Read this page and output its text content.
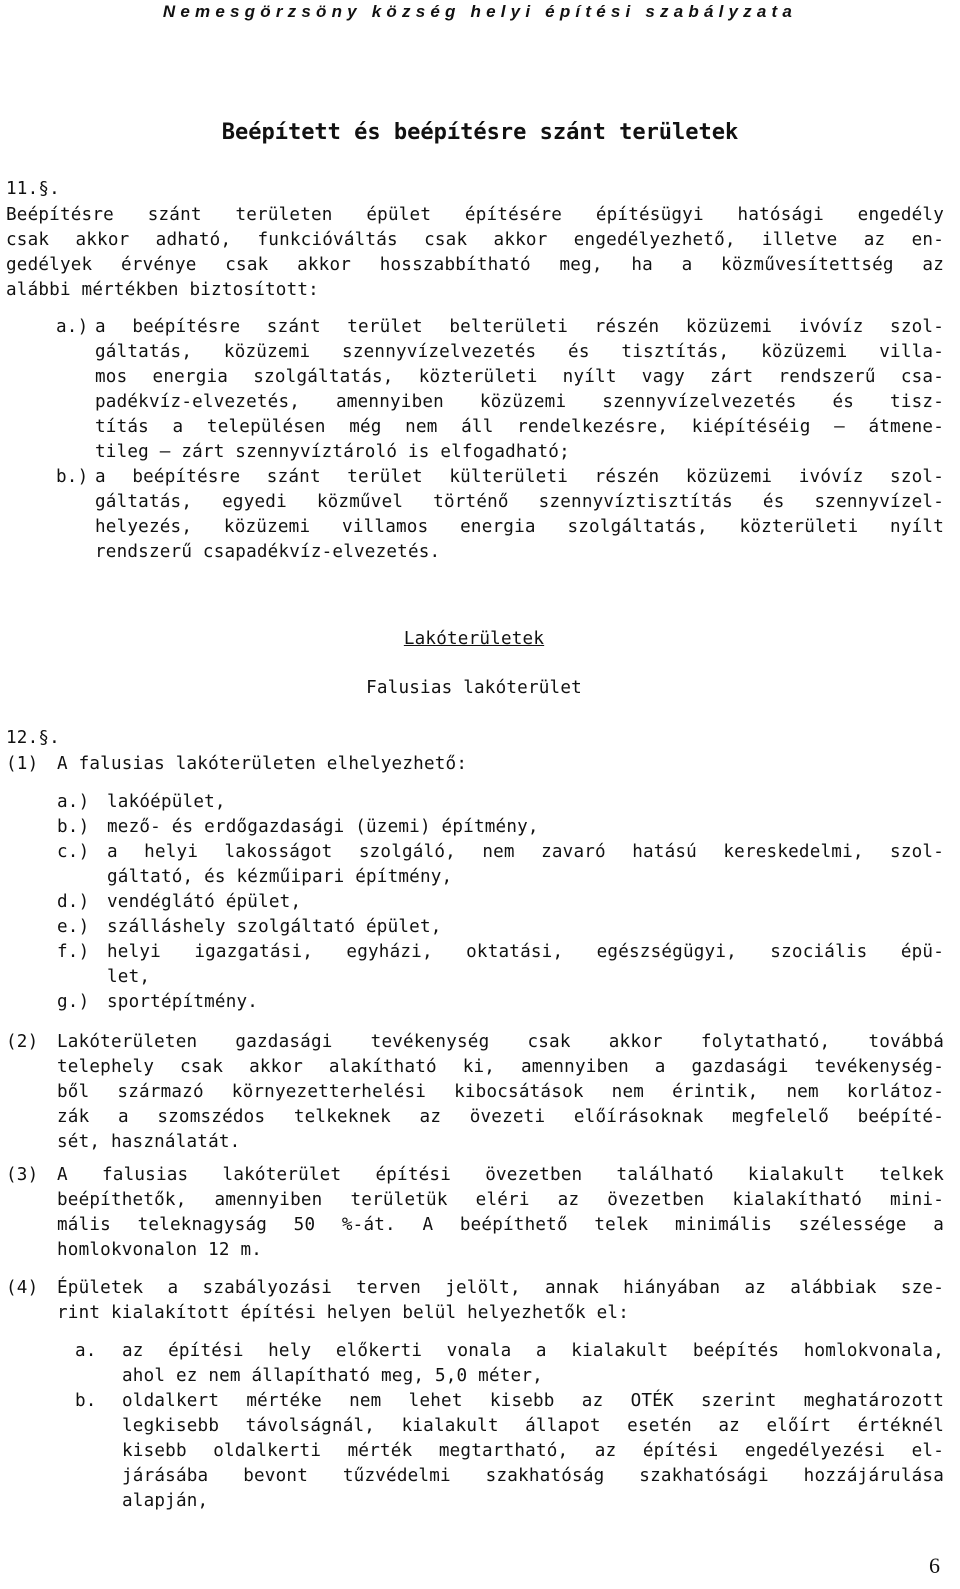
Nemesgörzsöny község helyi építési szabályzata
Beépített és beépítésre szánt területek
11.§.
Beépítésre szánt területen épület építésére építésügyi hatósági engedély
csak akkor adható, funkcióváltás csak akkor engedélyezhető, illetve az en-
gedélyek érvénye csak akkor hosszabbítható meg, ha a közművesítettség az
alábbi mértékben biztosított:
a.) a beépítésre szánt terület belterületi részén közüzemi ivóvíz szol-
gáltatás, közüzemi szennyvízelvezetés és tisztítás, közüzemi villa-
mos energia szolgáltatás, közterületi nyílt vagy zárt rendszerű csa-
padékvíz-elvezetés, amennyiben közüzemi szennyvízelvezetés és tisz-
títás a településen még nem áll rendelkezésre, kiépítéséig – átmene-
tileg – zárt szennyvíztároló is elfogadható;
b.) a beépítésre szánt terület külterületi részén közüzemi ivóvíz szol-
gáltatás, egyedi közművel történő szennyvíztisztítás és szennyvízel-
helyezés, közüzemi villamos energia szolgáltatás, közterületi nyílt
rendszerű csapadékvíz-elvezetés.
Lakóterületek
Falusias lakóterület
12.§.
(1) A falusias lakóterületen elhelyezhető:
a.) lakóépület,
b.) mező- és erdőgazdasági (üzemi) építmény,
c.) a helyi lakosságot szolgáló, nem zavaró hatású kereskedelmi, szol-
gáltató, és kézműipari építmény,
d.) vendéglátó épület,
e.) szálláshely szolgáltató épület,
f.) helyi igazgatási, egyházi, oktatási, egészségügyi, szociális épü-
let,
g.) sportépítmény.
(2) Lakóterületen gazdasági tevékenység csak akkor folytatható, továbbá
telephely csak akkor alakítható ki, amennyiben a gazdasági tevékenység-
ből származó környezetterhelési kibocsátások nem érintik, nem korlátoz-
zák a szomszédos telkeknek az övezeti előírásoknak megfelelő beépíté-
sét, használatát.
(3) A falusias lakóterület építési övezetben található kialakult telkek
beépíthetők, amennyiben területük eléri az övezetben kialakítható mini-
mális teleknagyság 50 %-át. A beépíthető telek minimális szélessége a
homlokvonalon 12 m.
(4) Épületek a szabályozási terven jelölt, annak hiányában az alábbiak sze-
rint kialakított építési helyen belül helyezhetők el:
a. az építési hely előkerti vonala a kialakult beépítés homlokvonala,
ahol ez nem állapítható meg, 5,0 méter,
b. oldalkert mértéke nem lehet kisebb az OTÉK szerint meghatározott
legkisebb távolságnál, kialakult állapot esetén az előírt értéknél
kisebb oldalkerti mérték megtartható, az építési engedélyezési el-
járásába bevont tűzvédelmi szakhatóság szakhatósági hozzájárulása
alapján,
6
